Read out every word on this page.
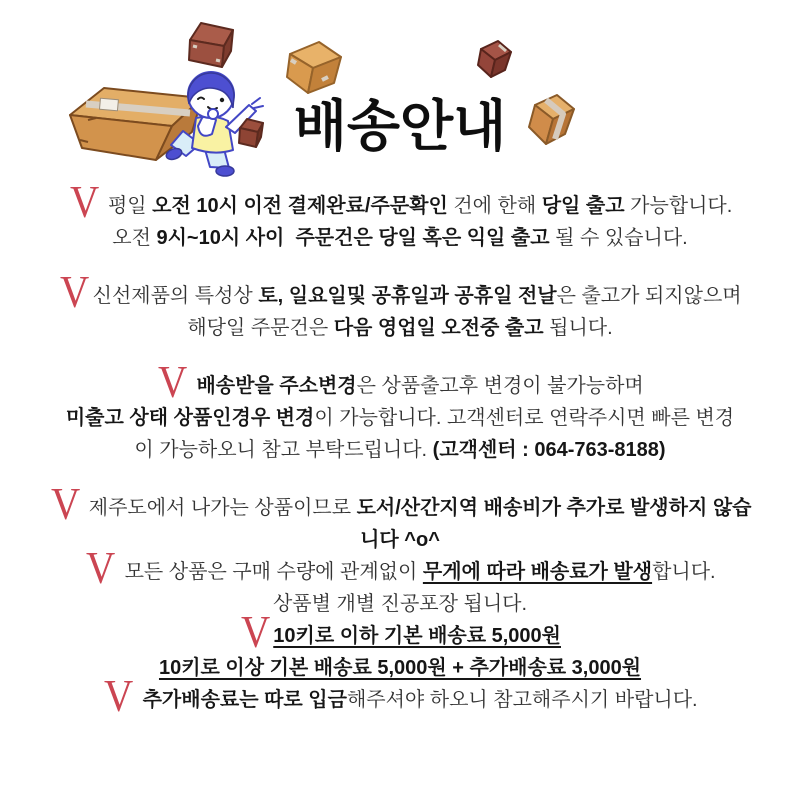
배송안내

V평일 오전 10시 이전 결제완료/주문확인 건에 한해 당일 출고 가능합니다.

오전 9시~10시 사이  주문건은 당일 혹은 익일 출고 될 수 있습니다.

V신선제품의 특성상 토, 일요일및 공휴일과 공휴일 전날은 출고가 되지않으며

해당일 주문건은 다음 영업일 오전중 출고 됩니다.

V배송받을 주소변경은 상품출고후 변경이 불가능하며

미출고 상태 상품인경우 변경이 가능합니다. 고객센터로 연락주시면 빠른 변경

이 가능하오니 참고 부탁드립니다. (고객센터 : 064-763-8188)

V제주도에서 나가는 상품이므로 도서/산간지역 배송비가 추가로 발생하지 않습

니다 ^o^

V모든 상품은 구매 수량에 관계없이 무게에 따라 배송료가 발생합니다.

상품별 개별 진공포장 됩니다.

V 10키로 이하 기본 배송료 5,000원

10키로 이상 기본 배송료 5,000원 + 추가배송료 3,000원

V추가배송료는 따로 입금해주셔야 하오니 참고해주시기 바랍니다.
